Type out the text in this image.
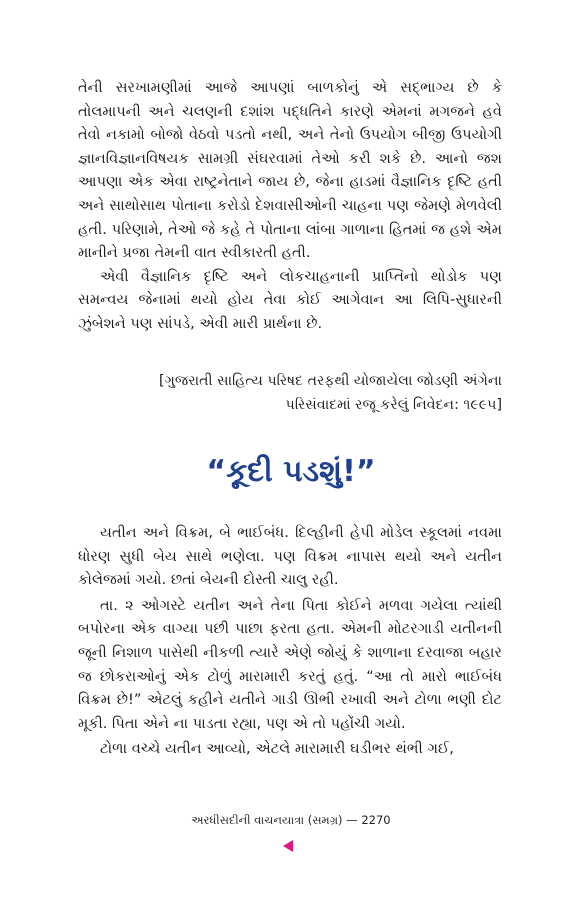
તેની સરખામણીમાં આજે આપણાં બાળકોનું એ સદ્ભાગ્ય છે કે તોલમાપની અને ચલણની દશાંશ પદ્ધતિને કારણે એમનાં મગજને હવે તેવો નકામો બોજો વેઠવો પડતો નથી, અને તેનો ઉપયોગ બીજી ઉપયોગી જ્ઞાનવિજ્ઞાનવિષયક સામગ્રી સંઘરવામાં તેઓ કરી શકે છે. આનો જશ આપણા એક એવા રાષ્ટ્રનેતાને જાય છે, જેના હાડમાં વૈજ્ઞાનિક દૃષ્ટિ હતી અને સાથોસાથ પોતાના કરોડો દેશવાસીઓની ચાહના પણ જેમણે મેળવેલી હતી. પરિણામે, તેઓ જે કહે તે પોતાના લાંબા ગાળાના હિતમાં જ હશે એમ માનીને પ્રજા તેમની વાત સ્વીકારતી હતી.

એવી વૈજ્ઞાનિક દૃષ્ટિ અને લોકચાહનાની પ્રાપ્તિનો થોડોક પણ સમન્વય જેનામાં થયો હોય તેવા કોઈ આગેવાન આ લિપિ-સુધારની ઝુંબેશને પણ સાંપડે, એવી મારી પ્રાર્થના છે.

[ગુજરાતી સાહિત્ય પરિષદ તરફથી યોજાયેલા જોડણી અંગેના
પરિસંવાદમાં રજૂ કરેલું નિવેદન: ૧૯૯૫]
“કૂદી પડશું!”

યતીન અને વિક્રમ, બે ભાઈબંધ. દિલ્હીની હેપી મોડેલ સ્કૂલમાં નવમા ધોરણ સુધી બેય સાથે ભણેલા. પણ વિક્રમ નાપાસ થયો અને યતીન કોલેજમાં ગયો. છતાં બેયની દોસ્તી ચાલુ રહી.

તા. ૨ ઓગસ્ટે યતીન અને તેના પિતા કોઈને મળવા ગયેલા ત્યાંથી બપોરના એક વાગ્યા પછી પાછા ફરતા હતા. એમની મોટરગાડી યતીનની જૂની નિશાળ પાસેથી નીકળી ત્યારે એણે જોયું કે શાળાના દરવાજા બહાર જ છોકરાઓનું એક ટોળું મારામારી કરતું હતું. “આ તો મારો ભાઈબંધ વિક્રમ છે!” એટલું કહીને યતીને ગાડી ઊભી રખાવી અને ટોળા ભણી દોટ મૂકી. પિતા એને ના પાડતા રહ્યા, પણ એ તો પહોંચી ગયો.

ટોળા વચ્ચે યતીન આવ્યો, એટલે મારામારી ઘડીભર થંભી ગઈ,

અરધીસદીની વાચનયાત્રા (સમગ્ર) — 2270
